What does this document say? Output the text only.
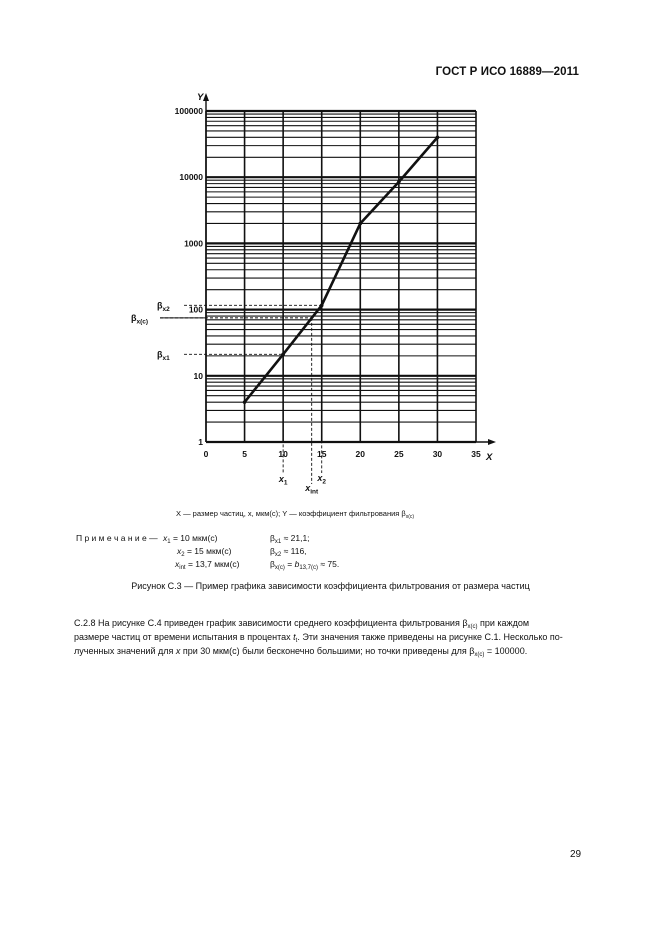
ГОСТ Р ИСО 16889—2011
0	5	10	15	20	25	30	35
1
10
100
1000
10000
100000
$\beta_{x2}$
$\beta_{x(c)}$
$\beta_{x1}$
$x_1$	$x_2$
$x_{int}$
Y
X
X — размер частиц, x, мкм(с); Y — коэффициент фильтрования $\beta_{x(c)}$
П р и м е ч а н и е — $x_1 = 10$ мкм(с)	$\beta_{x1} \approx 21,1$;
$x_2 = 15$ мкм(с)	$\beta_{x2} \approx 116$,
$x_{int} = 13,7$ мкм(с)	$\beta_{x(c)} = b_{13,7(c)} \approx 75$.
Рисунок С.3 — Пример графика зависимости коэффициента фильтрования от размера частиц
С.2.8 На рисунке С.4 приведен график зависимости среднего коэффициента фильтрования $\beta_{x(c)}$ при каждом
размере частиц от времени испытания в процентах $t_t$. Эти значения также приведены на рисунке С.1. Несколько по-
лученных значений для x при 30 мкм(с) были бесконечно большими; но точки приведены для $\beta_{x(c)} = 100000$.
29
